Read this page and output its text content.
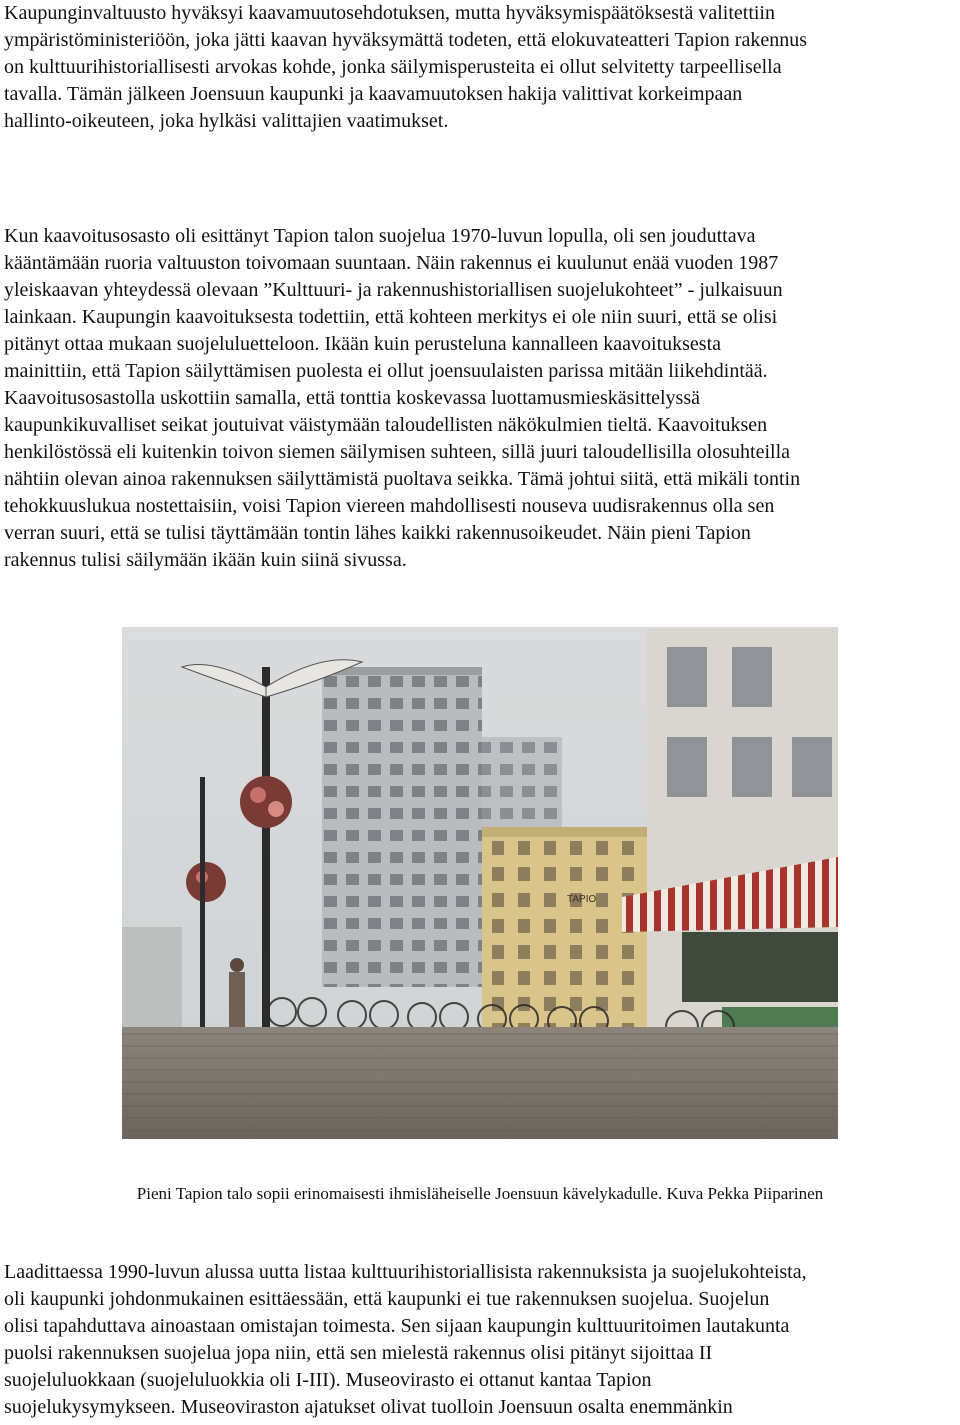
Kaupunginvaltuusto hyväksyi kaavamuutosehdotuksen, mutta hyväksymispäätöksestä valitettiin
ympäristöministeriöön, joka jätti kaavan hyväksymättä todeten, että elokuvateatteri Tapion rakennus
on kulttuurihistoriallisesti arvokas kohde, jonka säilymisperusteita ei ollut selvitetty tarpeellisella
tavalla. Tämän jälkeen Joensuun kaupunki ja kaavamuutoksen hakija valittivat korkeimpaan
hallinto-oikeuteen, joka hylkäsi valittajien vaatimukset.

Kun kaavoitusosasto oli esittänyt Tapion talon suojelua 1970-luvun lopulla, oli sen jouduttava
kääntämään ruoria valtuuston toivomaan suuntaan. Näin rakennus ei kuulunut enää vuoden 1987
yleiskaavan yhteydessä olevaan ”Kulttuuri- ja rakennushistoriallisen suojelukohteet” - julkaisuun
lainkaan. Kaupungin kaavoituksesta todettiin, että kohteen merkitys ei ole niin suuri, että se olisi
pitänyt ottaa mukaan suojeluluetteloon. Ikään kuin perusteluna kannalleen kaavoituksesta
mainittiin, että Tapion säilyttämisen puolesta ei ollut joensuulaisten parissa mitään liikehdintää.
Kaavoitusosastolla uskottiin samalla, että tonttia koskevassa luottamusmieskäsittelyssä
kaupunkikuvalliset seikat joutuivat väistymään taloudellisten näkökulmien tieltä. Kaavoituksen
henkilöstössä eli kuitenkin toivon siemen säilymisen suhteen, sillä juuri taloudellisilla olosuhteilla
nähtiin olevan ainoa rakennuksen säilyttämistä puoltava seikka. Tämä johtui siitä, että mikäli tontin
tehokkuuslukua nostettaisiin, voisi Tapion viereen mahdollisesti nouseva uudisrakennus olla sen
verran suuri, että se tulisi täyttämään tontin lähes kaikki rakennusoikeudet. Näin pieni Tapion
rakennus tulisi säilymään ikään kuin siinä sivussa.

TAPIO

Pieni Tapion talo sopii erinomaisesti ihmisläheiselle Joensuun kävelykadulle. Kuva Pekka Piiparinen

Laadittaessa 1990-luvun alussa uutta listaa kulttuurihistoriallisista rakennuksista ja suojelukohteista,
oli kaupunki johdonmukainen esittäessään, että kaupunki ei tue rakennuksen suojelua. Suojelun
olisi tapahduttava ainoastaan omistajan toimesta. Sen sijaan kaupungin kulttuuritoimen lautakunta
puolsi rakennuksen suojelua jopa niin, että sen mielestä rakennus olisi pitänyt sijoittaa II
suojeluluokkaan (suojeluluokkia oli I-III). Museovirasto ei ottanut kantaa Tapion
suojelukysymykseen. Museoviraston ajatukset olivat tuolloin Joensuun osalta enemmänkin
